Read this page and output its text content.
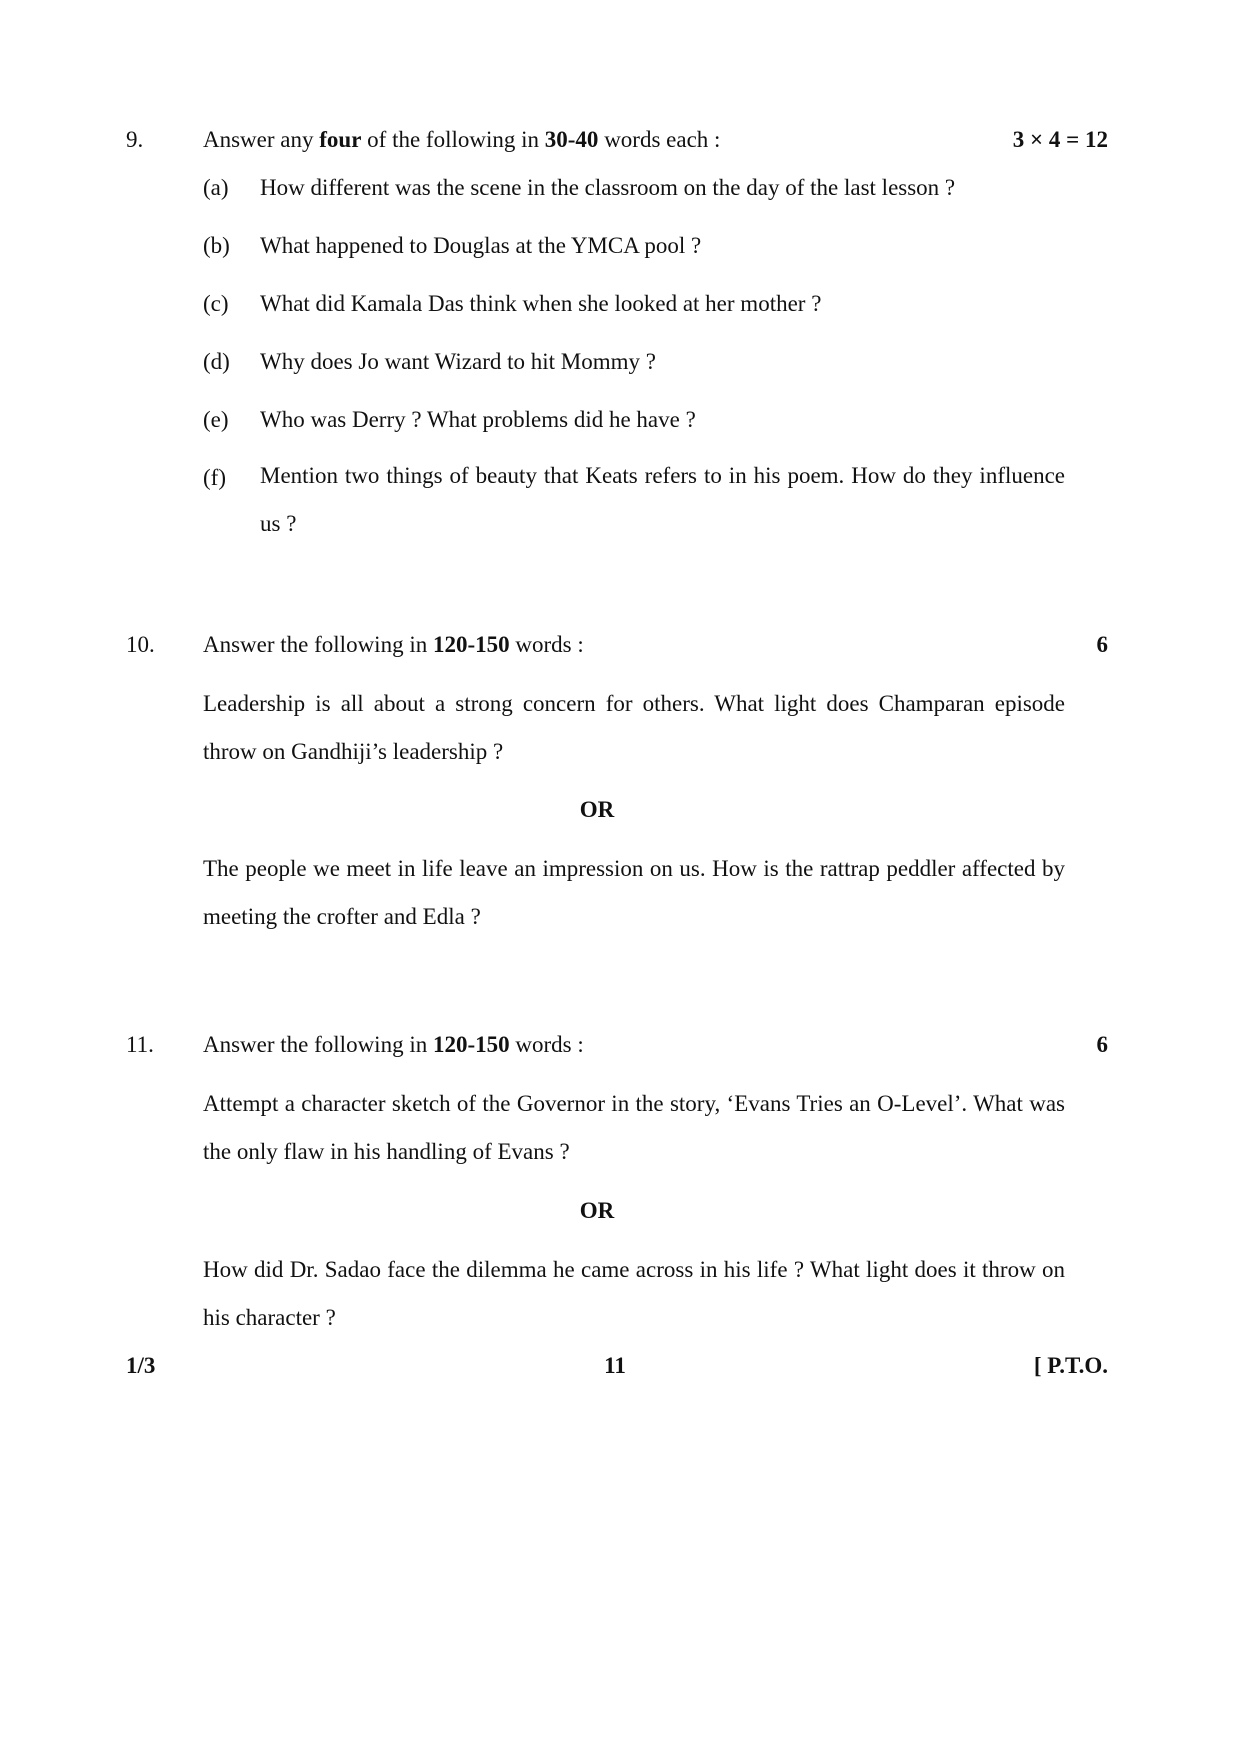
9.	Answer any four of the following in 30-40 words each :	3 × 4 = 12
(a) How different was the scene in the classroom on the day of the last lesson ?
(b) What happened to Douglas at the YMCA pool ?
(c) What did Kamala Das think when she looked at her mother ?
(d) Why does Jo want Wizard to hit Mommy ?
(e) Who was Derry ? What problems did he have ?
(f) Mention two things of beauty that Keats refers to in his poem. How do they influence us ?
10. Answer the following in 120-150 words :	6
Leadership is all about a strong concern for others. What light does Champaran episode throw on Gandhiji’s leadership ?
OR
The people we meet in life leave an impression on us. How is the rattrap peddler affected by meeting the crofter and Edla ?
11. Answer the following in 120-150 words :	6
Attempt a character sketch of the Governor in the story, ‘Evans Tries an O-Level’. What was the only flaw in his handling of Evans ?
OR
How did Dr. Sadao face the dilemma he came across in his life ? What light does it throw on his character ?
1/3	11	[ P.T.O.
